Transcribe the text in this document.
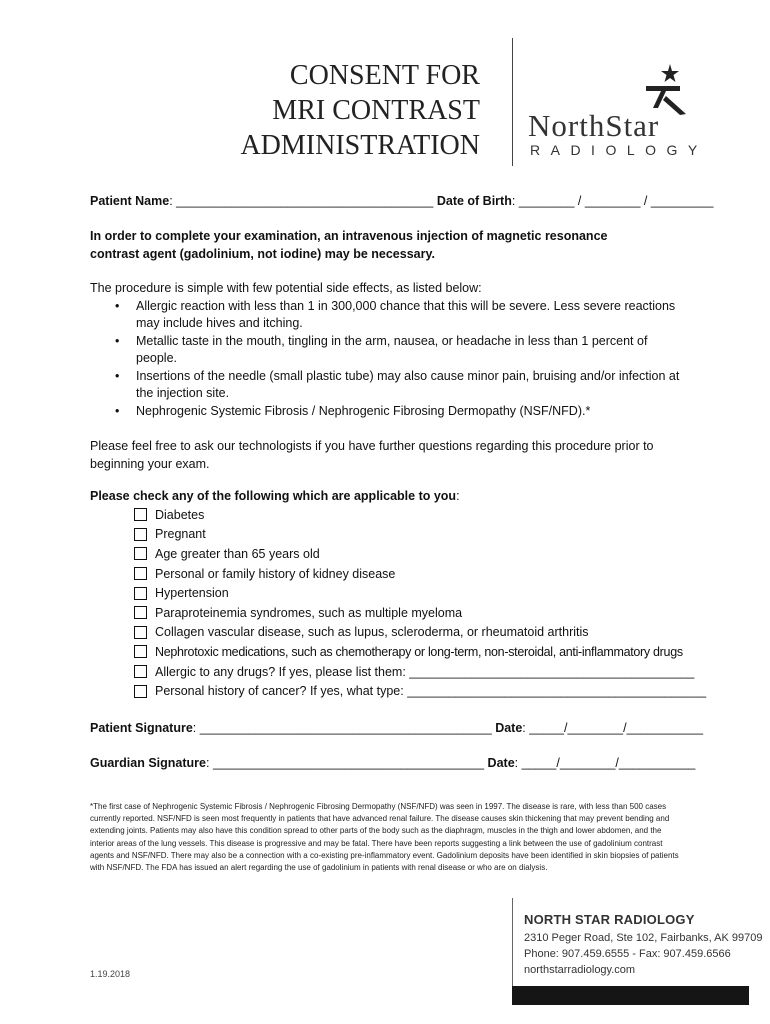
CONSENT FOR
MRI CONTRAST
ADMINISTRATION
NorthStar
RADIOLOGY
Patient Name: _____________________________________ Date of Birth: ________ / ________ / _________
In order to complete your examination, an intravenous injection of magnetic resonance contrast agent (gadolinium, not iodine) may be necessary.
The procedure is simple with few potential side effects, as listed below:
• Allergic reaction with less than 1 in 300,000 chance that this will be severe. Less severe reactions may include hives and itching.
• Metallic taste in the mouth, tingling in the arm, nausea, or headache in less than 1 percent of people.
• Insertions of the needle (small plastic tube) may also cause minor pain, bruising and/or infection at the injection site.
• Nephrogenic Systemic Fibrosis / Nephrogenic Fibrosing Dermopathy (NSF/NFD).*
Please feel free to ask our technologists if you have further questions regarding this procedure prior to beginning your exam.
Please check any of the following which are applicable to you:
Diabetes
Pregnant
Age greater than 65 years old
Personal or family history of kidney disease
Hypertension
Paraproteinemia syndromes, such as multiple myeloma
Collagen vascular disease, such as lupus, scleroderma, or rheumatoid arthritis
Nephrotoxic medications, such as chemotherapy or long-term, non-steroidal, anti-inflammatory drugs
Allergic to any drugs? If yes, please list them: _________________________________________
Personal history of cancer? If yes, what type: ___________________________________________
Patient Signature: __________________________________________ Date: _____/________/___________
Guardian Signature: _______________________________________ Date: _____/________/___________
*The first case of Nephrogenic Systemic Fibrosis / Nephrogenic Fibrosing Dermopathy (NSF/NFD) was seen in 1997. The disease is rare, with less than 500 cases currently reported. NSF/NFD is seen most frequently in patients that have advanced renal failure. The disease causes skin thickening that may prevent bending and extending joints. Patients may also have this condition spread to other parts of the body such as the diaphragm, muscles in the thigh and lower abdomen, and the interior areas of the lung vessels. This disease is progressive and may be fatal. There have been reports suggesting a link between the use of gadolinium contrast agents and NSF/NFD. There may also be a connection with a co-existing pre-inflammatory event. Gadolinium deposits have been identified in skin biopsies of patients with NSF/NFD. The FDA has issued an alert regarding the use of gadolinium in patients with renal disease or who are on dialysis.
1.19.2018
NORTH STAR RADIOLOGY
2310 Peger Road, Ste 102, Fairbanks, AK 99709
Phone: 907.459.6555 - Fax: 907.459.6566
northstarradiology.com
